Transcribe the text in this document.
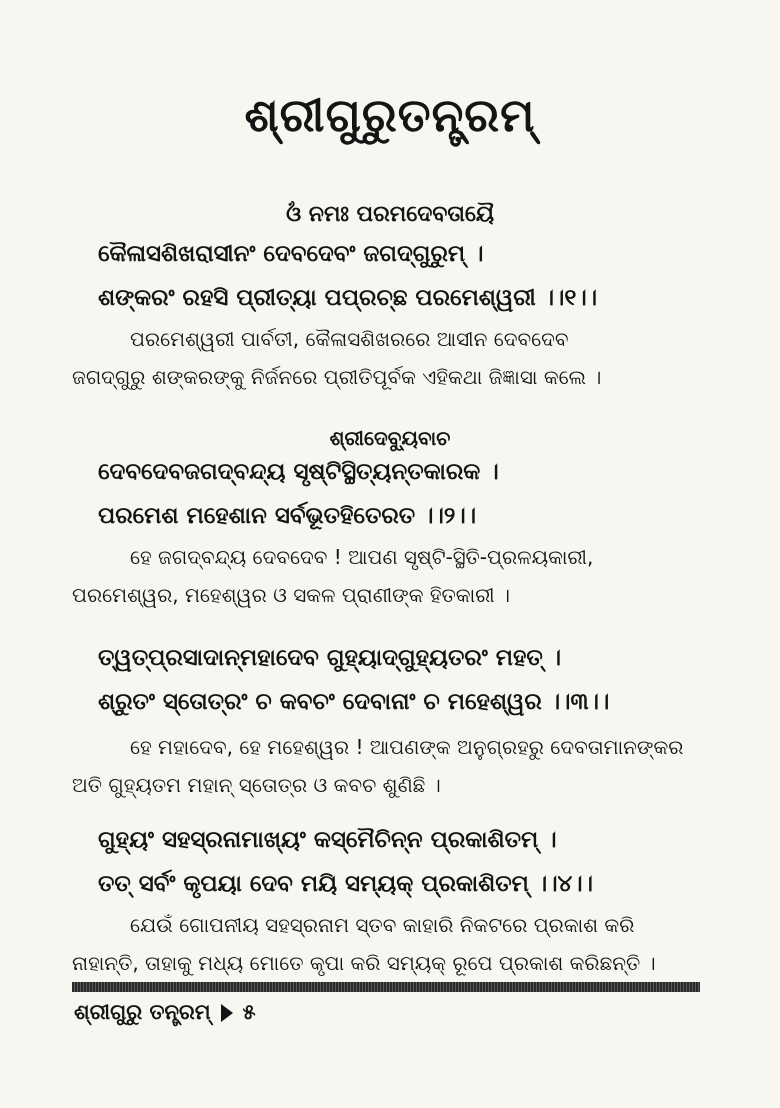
ଶ୍ରୀଗୁରୁତନ୍ତ୍ରମ୍
ଓଁ ନମଃ ପରମଦେବତାୟୈ
କୈଳାସଶିଖରାସୀନଂ ଦେବଦେବଂ ଜଗଦ୍‌ଗୁରୁମ୍ ।
ଶଙ୍କରଂ ରହସି ପ୍ରୀତ୍ୟା ପପ୍ରଚ୍ଛ ପରମେଶ୍ୱରୀ ।।୧।।
ପରମେଶ୍ୱରୀ ପାର୍ବତୀ, କୈଳାସଶିଖରରେ ଆସୀନ ଦେବଦେବ
ଜଗଦ୍‌ଗୁରୁ ଶଙ୍କରଙ୍କୁ ନିର୍ଜନରେ ପ୍ରୀତିପୂର୍ବକ ଏହିକଥା ଜିଜ୍ଞାସା କଲେ ।
ଶ୍ରୀଦେବ୍ୟୁବାଚ
ଦେବଦେବଜଗଦ୍‌ବନ୍ଦ୍ୟ ସୃଷ୍ଟିସ୍ଥିତ୍ୟନ୍ତକାରକ ।
ପରମେଶ ମହେଶାନ ସର୍ବଭୂତହିତେରତ ।।୨।।
ହେ ଜଗଦ୍‌ବନ୍ଦ୍ୟ ଦେବଦେବ ! ଆପଣ ସୃଷ୍ଟି-ସ୍ଥିତି-ପ୍ରଳୟକାରୀ,
ପରମେଶ୍ୱର, ମହେଶ୍ୱର ଓ ସକଳ ପ୍ରାଣୀଙ୍କ ହିତକାରୀ ।
ତ୍ୱତ୍‌ପ୍ରସାଦାନ୍ମହାଦେବ ଗୁହ୍ୟାଦ୍‌ଗୁହ୍ୟତରଂ ମହତ୍ ।
ଶ୍ରୁତଂ ସ୍ତୋତ୍ରଂ ଚ କବଚଂ ଦେବାନାଂ ଚ ମହେଶ୍ୱର ।।୩।।
ହେ ମହାଦେବ, ହେ ମହେଶ୍ୱର ! ଆପଣଙ୍କ ଅନୁଗ୍ରହରୁ ଦେବତାମାନଙ୍କର
ଅତି ଗୁହ୍ୟତମ ମହାନ୍ ସ୍ତୋତ୍ର ଓ କବଚ ଶୁଣିଛି ।
ଗୁହ୍ୟଂ ସହସ୍ରନାମାଖ୍ୟଂ କସ୍ମୈଚିନ୍ନ ପ୍ରକାଶିତମ୍ ।
ତତ୍ ସର୍ବଂ କୃପୟା ଦେବ ମୟି ସମ୍ୟକ୍ ପ୍ରକାଶିତମ୍ ।।୪।।
ଯେଉଁ ଗୋପନୀୟ ସହସ୍ରନାମ ସ୍ତବ କାହାରି ନିକଟରେ ପ୍ରକାଶ କରି
ନାହାନ୍ତି, ତାହାକୁ ମଧ୍ୟ ମୋତେ କୃପା କରି ସମ୍ୟକ୍ ରୂପେ ପ୍ରକାଶ କରିଛନ୍ତି ।
ଶ୍ରୀଗୁରୁ ତନ୍ତ୍ରମ୍ ୫
